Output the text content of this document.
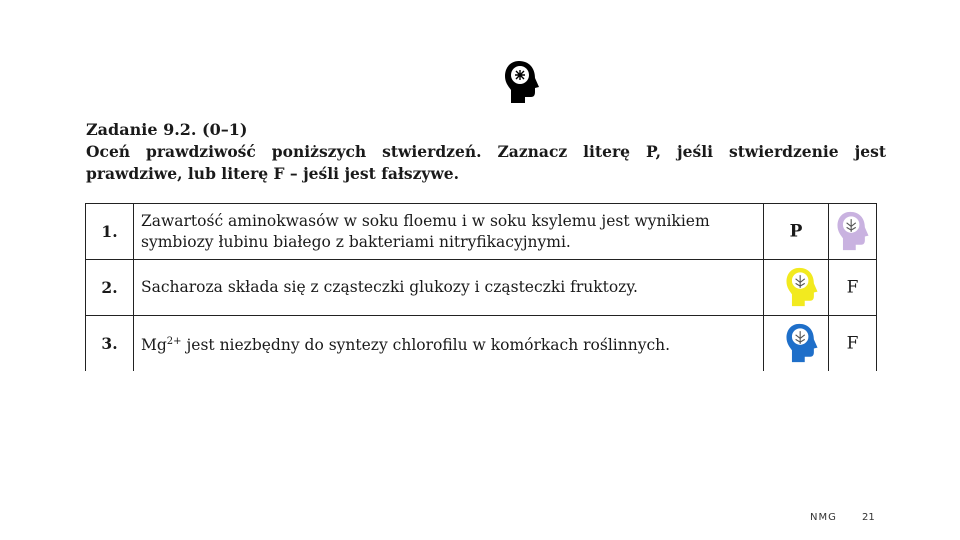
Zadanie 9.2. (0–1)

Oceń prawdziwość poniższych stwierdzeń. Zaznacz literę P, jeśli stwierdzenie jest prawdziwe, lub literę F – jeśli jest fałszywe.

1.	Zawartość aminokwasów w soku floemu i w soku ksylemu jest wynikiem
symbiozy łubinu białego z bakteriami nitryfikacyjnymi.	P

2.	Sacharoza składa się z cząsteczki glukozy i cząsteczki fruktozy.		F

3.	$Mg^{2+}$ jest niezbędny do syntezy chlorofilu w komórkach roślinnych.		F
NMG	21
